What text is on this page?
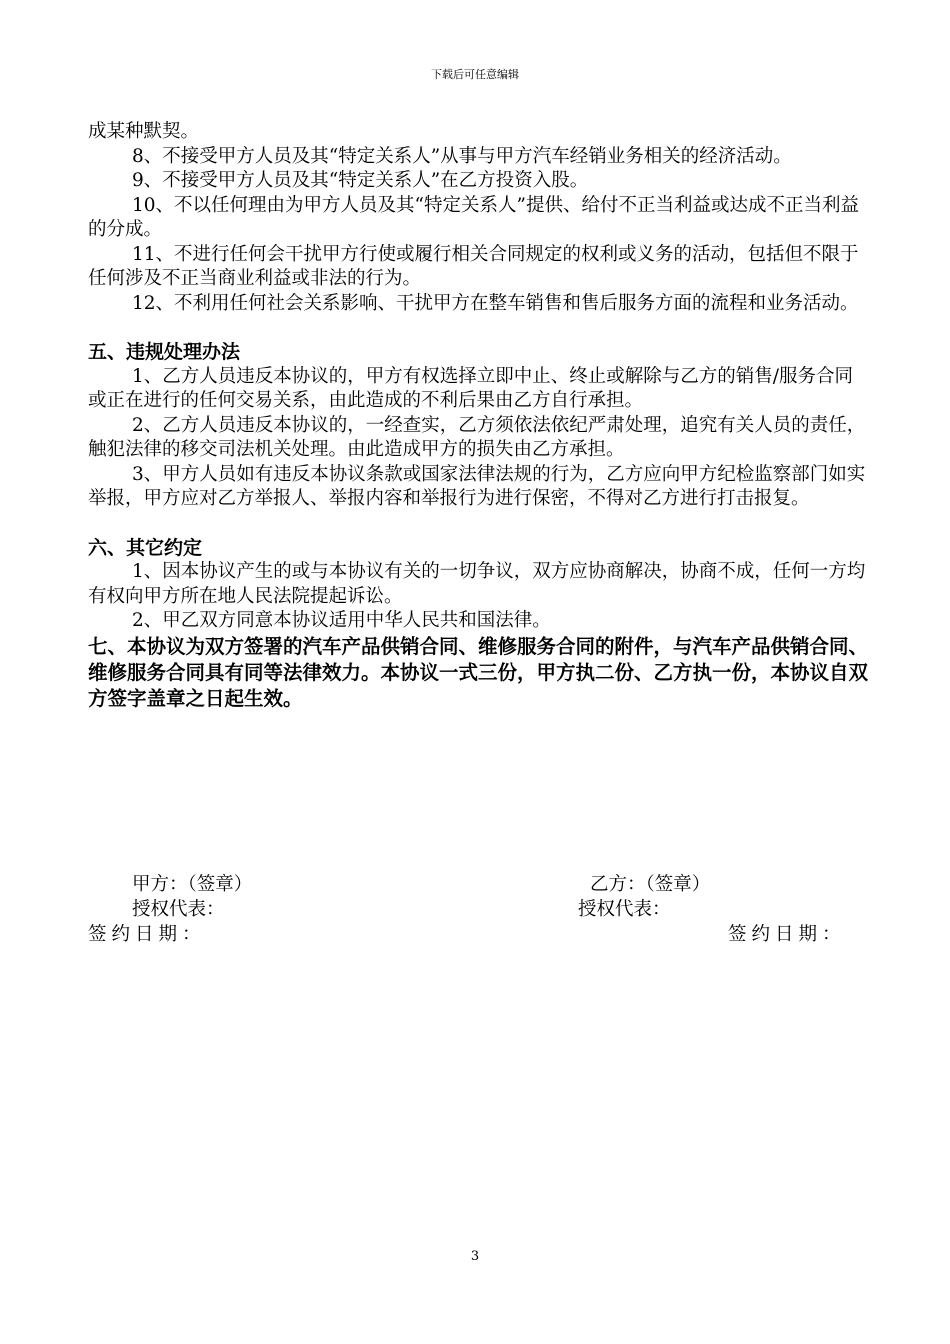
下载后可任意编辑

成某种默契。

8、不接受甲方人员及其“特定关系人”从事与甲方汽车经销业务相关的经济活动。

9、不接受甲方人员及其“特定关系人”在乙方投资入股。

10、不以任何理由为甲方人员及其“特定关系人”提供、给付不正当利益或达成不正当利益的分成。

11、不进行任何会干扰甲方行使或履行相关合同规定的权利或义务的活动，包括但不限于任何涉及不正当商业利益或非法的行为。

12、不利用任何社会关系影响、干扰甲方在整车销售和售后服务方面的流程和业务活动。

五、违规处理办法

1、乙方人员违反本协议的，甲方有权选择立即中止、终止或解除与乙方的销售/服务合同或正在进行的任何交易关系，由此造成的不利后果由乙方自行承担。

2、乙方人员违反本协议的，一经查实，乙方须依法依纪严肃处理，追究有关人员的责任，触犯法律的移交司法机关处理。由此造成甲方的损失由乙方承担。

3、甲方人员如有违反本协议条款或国家法律法规的行为，乙方应向甲方纪检监察部门如实举报，甲方应对乙方举报人、举报内容和举报行为进行保密，不得对乙方进行打击报复。

六、其它约定

1、因本协议产生的或与本协议有关的一切争议，双方应协商解决，协商不成，任何一方均有权向甲方所在地人民法院提起诉讼。

2、甲乙双方同意本协议适用中华人民共和国法律。

七、本协议为双方签署的汽车产品供销合同、维修服务合同的附件，与汽车产品供销合同、维修服务合同具有同等法律效力。本协议一式三份，甲方执二份、乙方执一份，本协议自双方签字盖章之日起生效。

甲方：（签章）	乙方：（签章）
授权代表：	授权代表：
签约日期：	签约日期：
3
